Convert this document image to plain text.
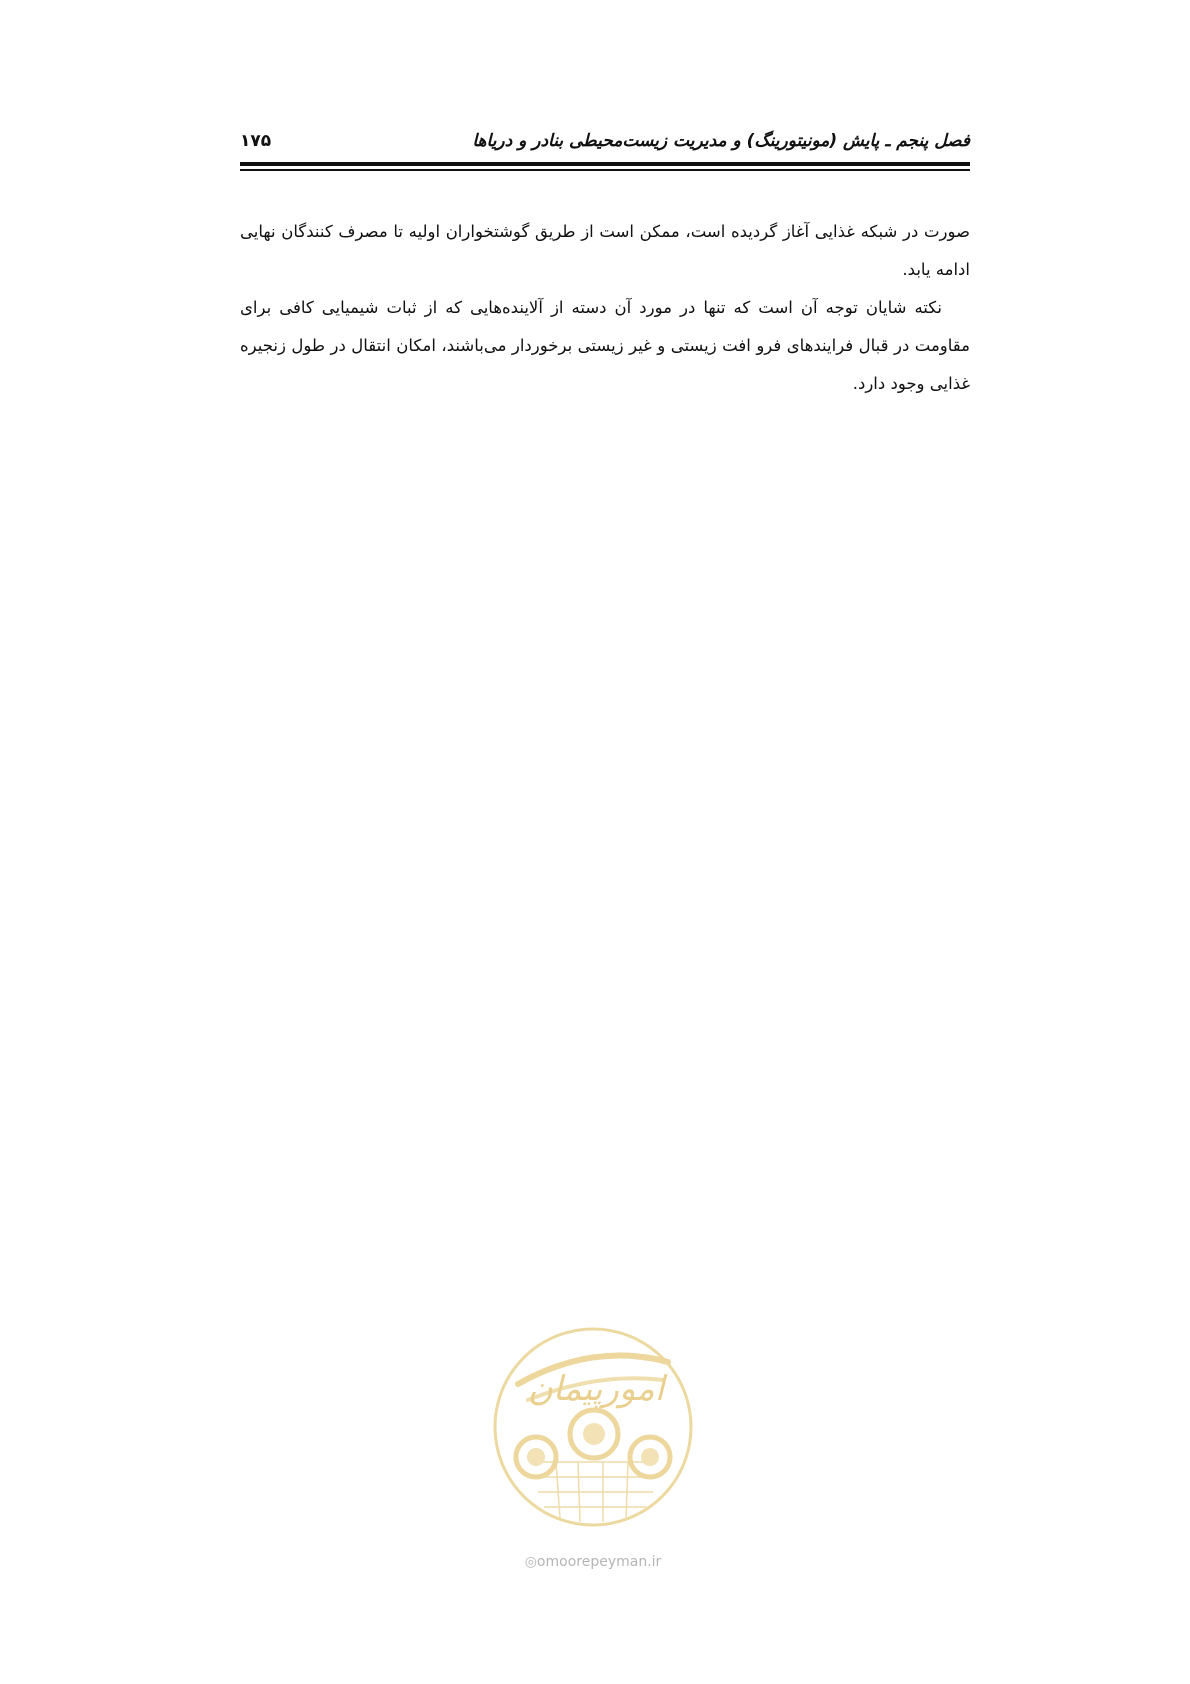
فصل پنجم ـ پایش (مونیتورینگ) و مدیریت زیست‌محیطی بنادر و دریاها
۱۷۵

صورت در شبکه غذایی آغاز گردیده است، ممکن است از طریق گوشتخواران اولیه تا مصرف کنندگان نهایی ادامه یابد.

نکته شایان توجه آن است که تنها در مورد آن دسته از آلاینده‌هایی که از ثبات شیمیایی کافی برای مقاومت در قبال فرایندهای فرو افت زیستی و غیر زیستی برخوردار می‌باشند، امکان انتقال در طول زنجیره غذایی وجود دارد.

امورپیمان
◎omoorepeyman.ir
